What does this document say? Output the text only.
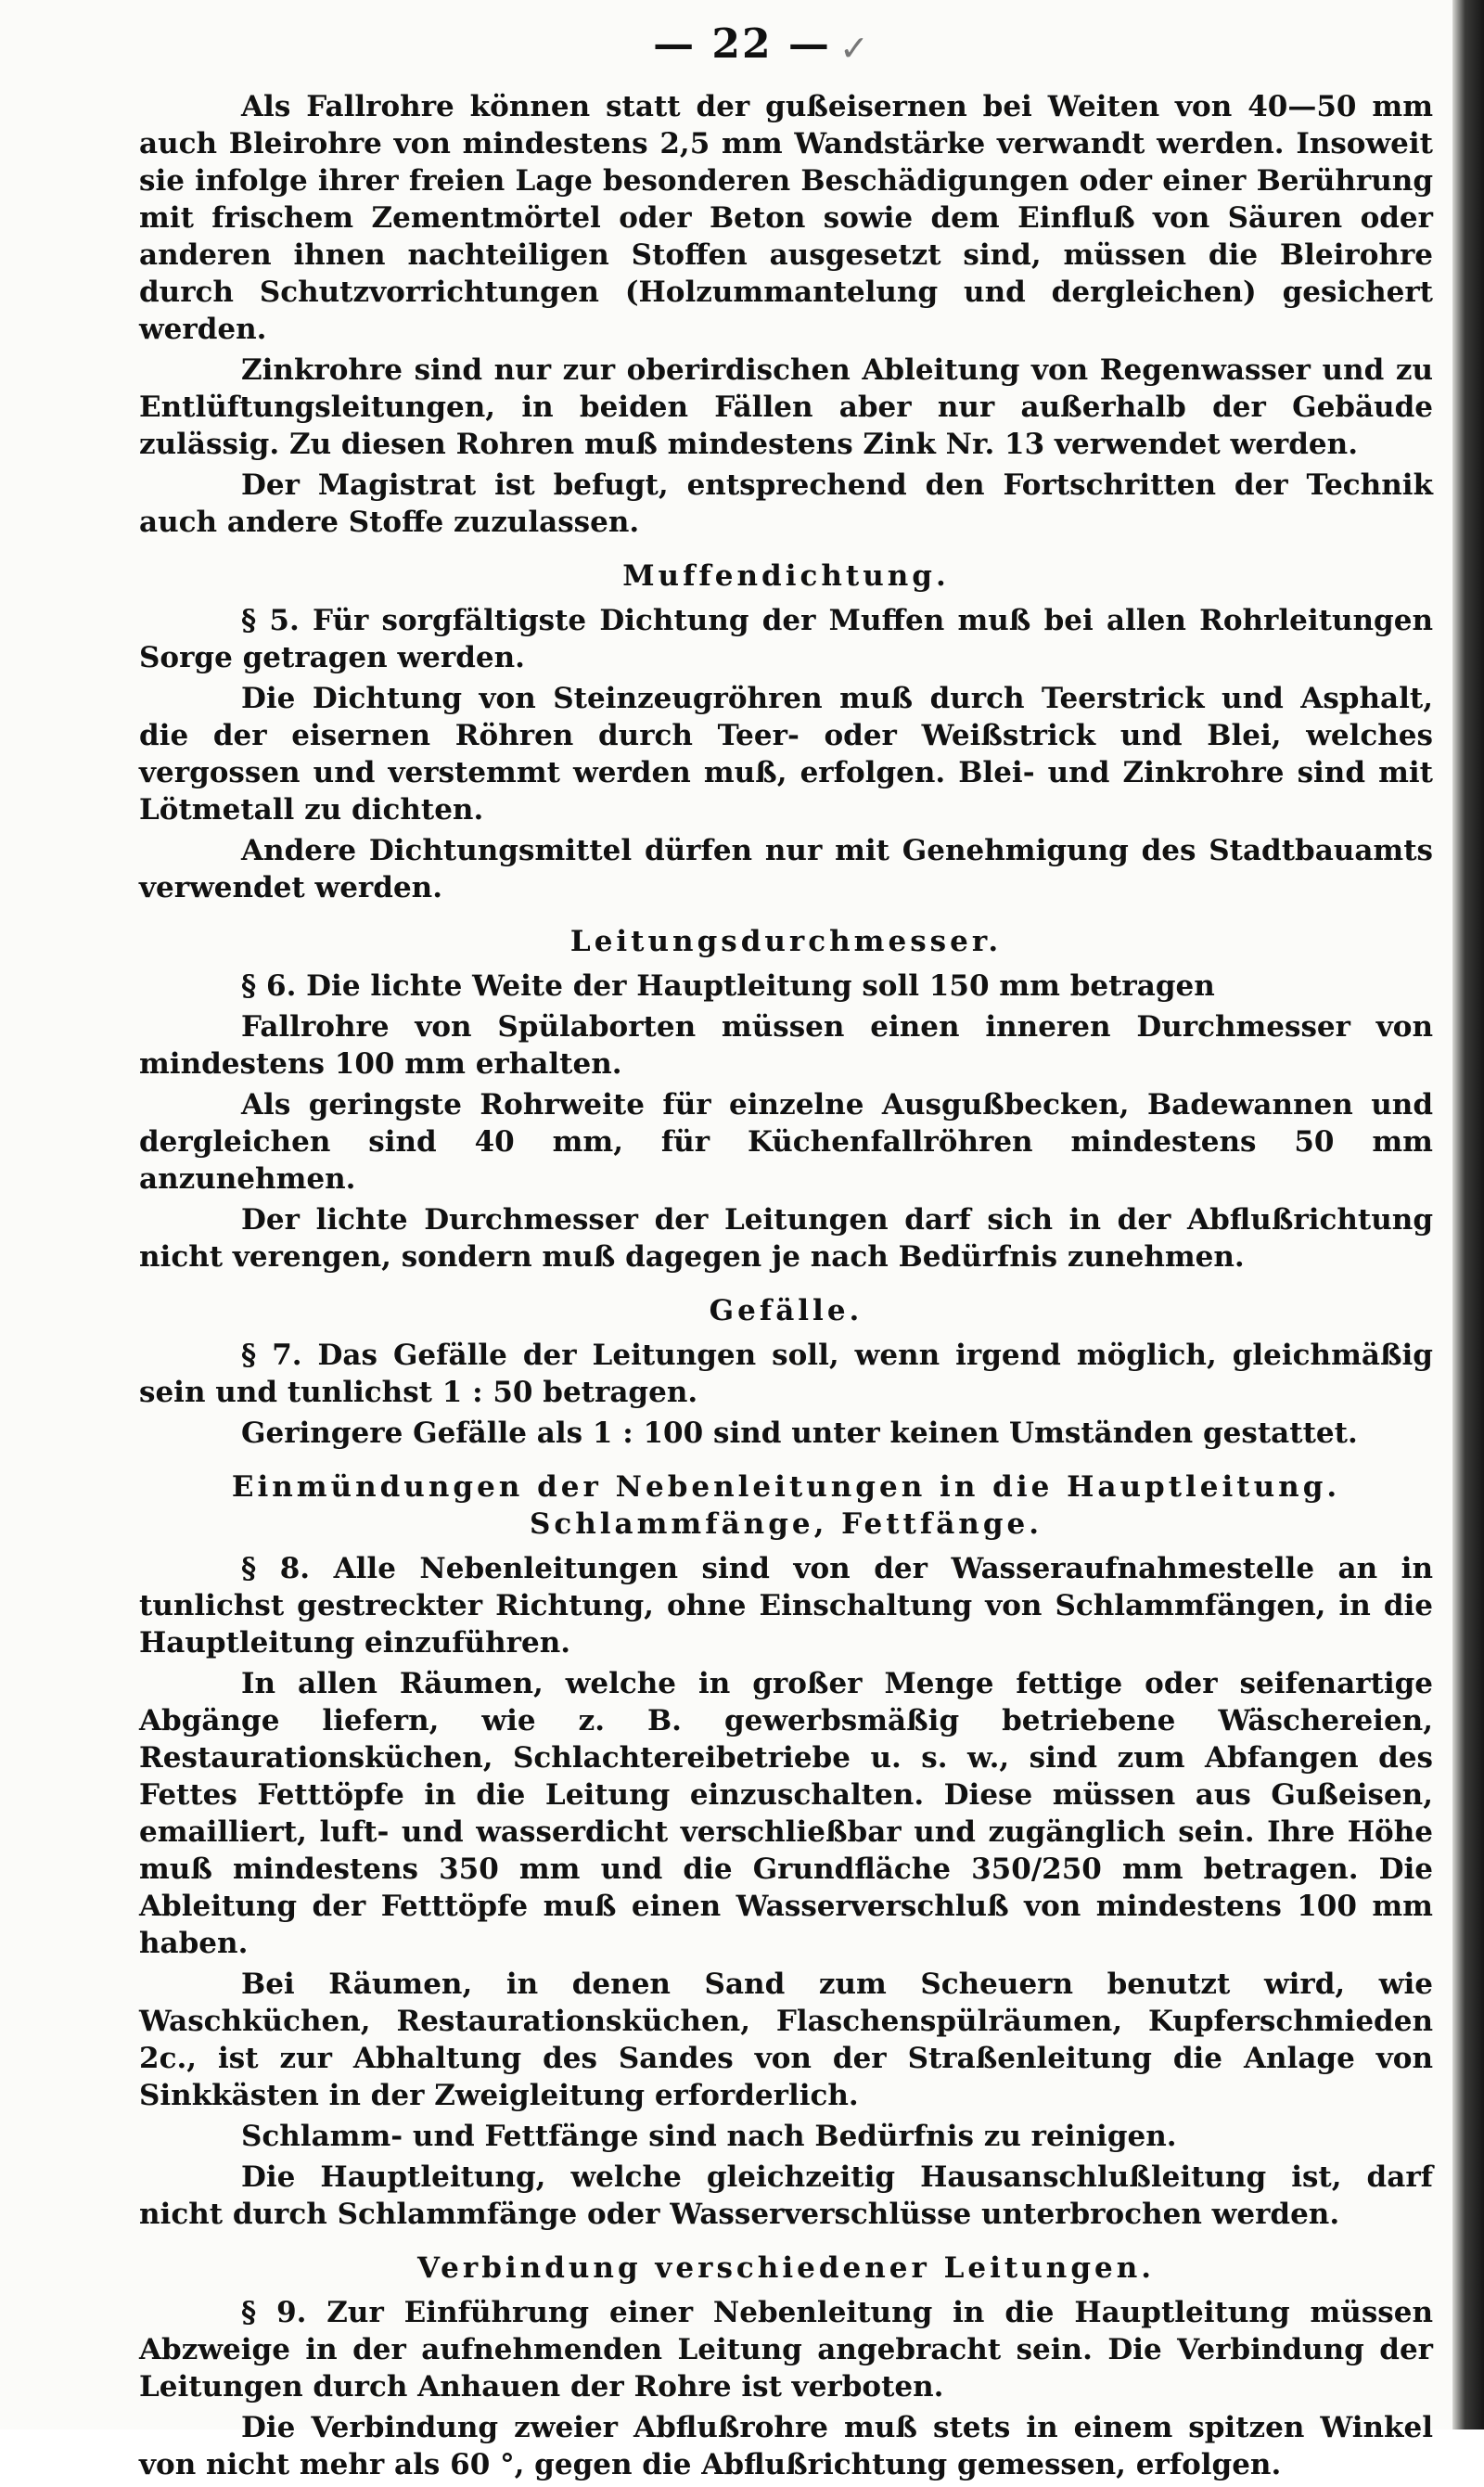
— 22 — ✓

Als Fallrohre können statt der gußeisernen bei Weiten von 40—50 mm auch Bleirohre von mindestens 2,5 mm Wandstärke verwandt werden. Insoweit sie infolge ihrer freien Lage besonderen Beschädigungen oder einer Berührung mit frischem Zementmörtel oder Beton sowie dem Einfluß von Säuren oder anderen ihnen nachteiligen Stoffen ausgesetzt sind, müssen die Bleirohre durch Schutzvorrichtungen (Holzummantelung und dergleichen) gesichert werden.

Zinkrohre sind nur zur oberirdischen Ableitung von Regenwasser und zu Entlüftungsleitungen, in beiden Fällen aber nur außerhalb der Gebäude zulässig. Zu diesen Rohren muß mindestens Zink Nr. 13 verwendet werden.

Der Magistrat ist befugt, entsprechend den Fortschritten der Technik auch andere Stoffe zuzulassen.

Muffendichtung.

§ 5. Für sorgfältigste Dichtung der Muffen muß bei allen Rohrleitungen Sorge getragen werden.

Die Dichtung von Steinzeugröhren muß durch Teerstrick und Asphalt, die der eisernen Röhren durch Teer- oder Weißstrick und Blei, welches vergossen und verstemmt werden muß, erfolgen. Blei- und Zinkrohre sind mit Lötmetall zu dichten.

Andere Dichtungsmittel dürfen nur mit Genehmigung des Stadtbauamts verwendet werden.

Leitungsdurchmesser.

§ 6. Die lichte Weite der Hauptleitung soll 150 mm betragen

Fallrohre von Spülaborten müssen einen inneren Durchmesser von mindestens 100 mm erhalten.

Als geringste Rohrweite für einzelne Ausgußbecken, Badewannen und dergleichen sind 40 mm, für Küchenfallröhren mindestens 50 mm anzunehmen.

Der lichte Durchmesser der Leitungen darf sich in der Abflußrichtung nicht verengen, sondern muß dagegen je nach Bedürfnis zunehmen.

Gefälle.

§ 7. Das Gefälle der Leitungen soll, wenn irgend möglich, gleichmäßig sein und tunlichst 1 : 50 betragen.

Geringere Gefälle als 1 : 100 sind unter keinen Umständen gestattet.

Einmündungen der Nebenleitungen in die Hauptleitung. Schlammfänge, Fettfänge.

§ 8. Alle Nebenleitungen sind von der Wasseraufnahmestelle an in tunlichst gestreckter Richtung, ohne Einschaltung von Schlammfängen, in die Hauptleitung einzuführen.

In allen Räumen, welche in großer Menge fettige oder seifenartige Abgänge liefern, wie z. B. gewerbsmäßig betriebene Wäschereien, Restaurationsküchen, Schlachtereibetriebe u. s. w., sind zum Abfangen des Fettes Fetttöpfe in die Leitung einzuschalten. Diese müssen aus Gußeisen, emailliert, luft- und wasserdicht verschließbar und zugänglich sein. Ihre Höhe muß mindestens 350 mm und die Grundfläche 350/250 mm betragen. Die Ableitung der Fetttöpfe muß einen Wasserverschluß von mindestens 100 mm haben.

Bei Räumen, in denen Sand zum Scheuern benutzt wird, wie Waschküchen, Restaurationsküchen, Flaschenspülräumen, Kupferschmieden 2c., ist zur Abhaltung des Sandes von der Straßenleitung die Anlage von Sinkkästen in der Zweigleitung erforderlich.

Schlamm- und Fettfänge sind nach Bedürfnis zu reinigen.

Die Hauptleitung, welche gleichzeitig Hausanschlußleitung ist, darf nicht durch Schlammfänge oder Wasserverschlüsse unterbrochen werden.

Verbindung verschiedener Leitungen.

§ 9. Zur Einführung einer Nebenleitung in die Hauptleitung müssen Abzweige in der aufnehmenden Leitung angebracht sein. Die Verbindung der Leitungen durch Anhauen der Rohre ist verboten.

Die Verbindung zweier Abflußrohre muß stets in einem spitzen Winkel von nicht mehr als 60 °, gegen die Abflußrichtung gemessen, erfolgen.
